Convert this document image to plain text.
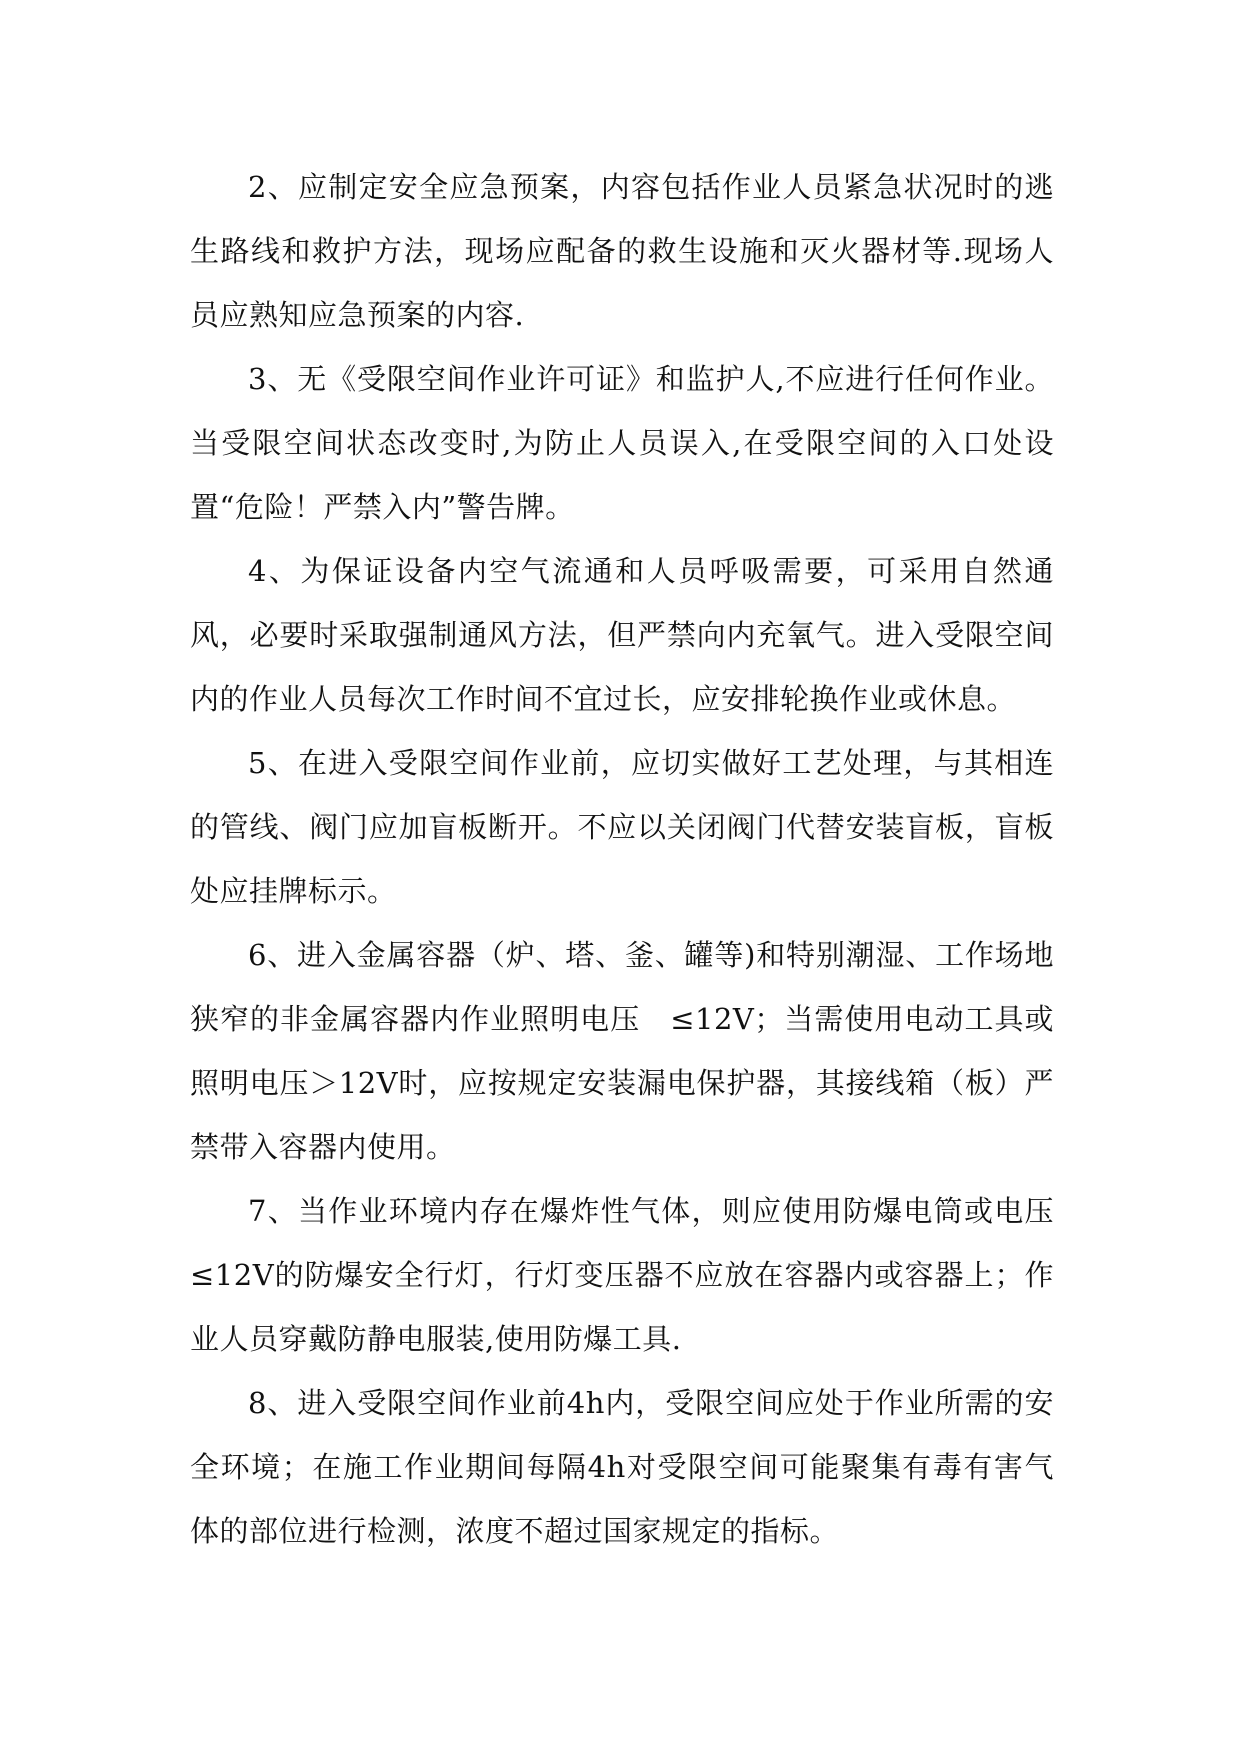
2、应制定安全应急预案，内容包括作业人员紧急状况时的逃生路线和救护方法，现场应配备的救生设施和灭火器材等.现场人员应熟知应急预案的内容.

3、无《受限空间作业许可证》和监护人,不应进行任何作业。当受限空间状态改变时,为防止人员误入,在受限空间的入口处设置“危险！严禁入内”警告牌。

4、为保证设备内空气流通和人员呼吸需要，可采用自然通风，必要时采取强制通风方法，但严禁向内充氧气。进入受限空间内的作业人员每次工作时间不宜过长，应安排轮换作业或休息。

5、在进入受限空间作业前，应切实做好工艺处理，与其相连的管线、阀门应加盲板断开。不应以关闭阀门代替安装盲板，盲板处应挂牌标示。

6、进入金属容器（炉、塔、釜、罐等)和特别潮湿、工作场地狭窄的非金属容器内作业照明电压　≤12V；当需使用电动工具或照明电压＞12V时，应按规定安装漏电保护器，其接线箱（板）严禁带入容器内使用。

7、当作业环境内存在爆炸性气体，则应使用防爆电筒或电压≤12V的防爆安全行灯，行灯变压器不应放在容器内或容器上；作业人员穿戴防静电服装,使用防爆工具.

8、进入受限空间作业前4h内，受限空间应处于作业所需的安全环境；在施工作业期间每隔4h对受限空间可能聚集有毒有害气体的部位进行检测，浓度不超过国家规定的指标。
